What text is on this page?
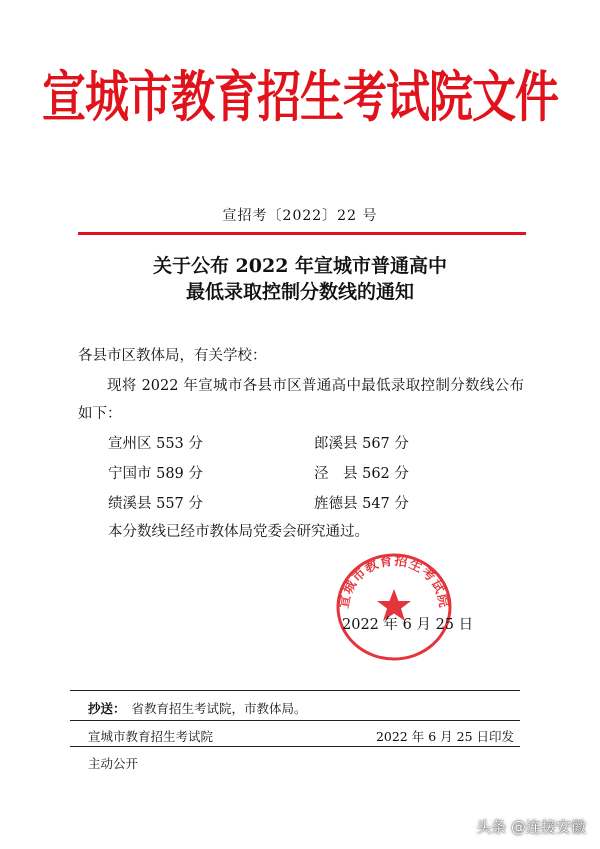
宣城市教育招生考试院文件
宣招考〔2022〕22 号
关于公布 2022 年宣城市普通高中
最低录取控制分数线的通知
各县市区教体局，有关学校：
现将 2022 年宣城市各县市区普通高中最低录取控制分数线公布如下：
宣州区 553 分	郎溪县 567 分
宁国市 589 分	泾　县 562 分
绩溪县 557 分	旌德县 547 分
本分数线已经市教体局党委会研究通过。
宣城市教育招生考试院
2022 年 6 月 25 日
抄送： 省教育招生考试院，市教体局。
宣城市教育招生考试院	2022 年 6 月 25 日印发
主动公开
头条 @连接安徽
